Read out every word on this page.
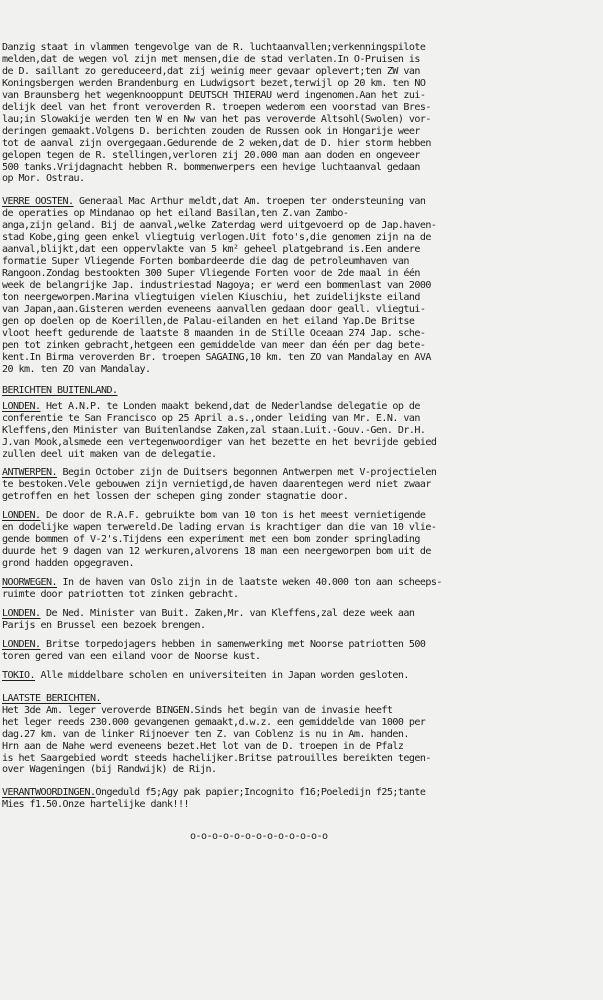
Danzig staat in vlammen tengevolge van de R. luchtaanvallen;verkenningspilote
melden,dat de wegen vol zijn met mensen,die de stad verlaten.In O-Pruisen is
de D. saillant zo gereduceerd,dat zij weinig meer gevaar oplevert;ten ZW van
Koningsbergen werden Brandenburg en Ludwigsort bezet,terwijl op 20 km. ten NO
van Braunsberg het wegenknooppunt DEUTSCH THIERAU werd ingenomen.Aan het zui-
delijk deel van het front veroverden R. troepen wederom een voorstad van Bres-
lau;in Slowakije werden ten W en Nw van het pas veroverde Altsohl(Swolen) vor-
deringen gemaakt.Volgens D. berichten zouden de Russen ook in Hongarije weer
tot de aanval zijn overgegaan.Gedurende de 2 weken,dat de D. hier storm hebben
gelopen tegen de R. stellingen,verloren zij 20.000 man aan doden en ongeveer
500 tanks.Vrijdagnacht hebben R. bommenwerpers een hevige luchtaanval gedaan
op Mor. Ostrau.
VERRE OOSTEN. Generaal Mac Arthur meldt,dat Am. troepen ter ondersteuning van
de operaties op Mindanao op het eiland Basilan,ten Z.van Zambo-
anga,zijn geland. Bij de aanval,welke Zaterdag werd uitgevoerd op de Jap.haven-
stad Kobe,ging geen enkel vliegtuig verlogen.Uit foto's,die genomen zijn na de
aanval,blijkt,dat een oppervlakte van 5 km² geheel platgebrand is.Een andere
formatie Super Vliegende Forten bombardeerde die dag de petroleumhaven van
Rangoon.Zondag bestookten 300 Super Vliegende Forten voor de 2de maal in één
week de belangrijke Jap. industriestad Nagoya; er werd een bommenlast van 2000
ton neergeworpen.Marina vliegtuigen vielen Kiuschiu, het zuidelijkste eiland
van Japan,aan.Gisteren werden eveneens aanvallen gedaan door geall. vliegtui-
gen op doelen op de Koerillen,de Palau-eilanden en het eiland Yap.De Britse
vloot heeft gedurende de laatste 8 maanden in de Stille Oceaan 274 Jap. sche-
pen tot zinken gebracht,hetgeen een gemiddelde van meer dan één per dag bete-
kent.In Birma veroverden Br. troepen SAGAING,10 km. ten ZO van Mandalay en AVA
20 km. ten ZO van Mandalay.
BERICHTEN BUITENLAND.
LONDEN. Het A.N.P. te Londen maakt bekend,dat de Nederlandse delegatie op de
conferentie te San Francisco op 25 April a.s.,onder leiding van Mr. E.N. van
Kleffens,den Minister van Buitenlandse Zaken,zal staan.Luit.-Gouv.-Gen. Dr.H.
J.van Mook,alsmede een vertegenwoordiger van het bezette en het bevrijde gebied
zullen deel uit maken van de delegatie.
ANTWERPEN. Begin October zijn de Duitsers begonnen Antwerpen met V-projectielen
te bestoken.Vele gebouwen zijn vernietigd,de haven daarentegen werd niet zwaar
getroffen en het lossen der schepen ging zonder stagnatie door.
LONDEN. De door de R.A.F. gebruikte bom van 10 ton is het meest vernietigende
en dodelijke wapen terwereld.De lading ervan is krachtiger dan die van 10 vlie-
gende bommen of V-2's.Tijdens een experiment met een bom zonder springlading
duurde het 9 dagen van 12 werkuren,alvorens 18 man een neergeworpen bom uit de
grond hadden opgegraven.
NOORWEGEN. In de haven van Oslo zijn in de laatste weken 40.000 ton aan scheeps-
ruimte door patriotten tot zinken gebracht.
LONDEN. De Ned. Minister van Buit. Zaken,Mr. van Kleffens,zal deze week aan
Parijs en Brussel een bezoek brengen.
LONDEN. Britse torpedojagers hebben in samenwerking met Noorse patriotten 500
toren gered van een eiland voor de Noorse kust.
TOKIO. Alle middelbare scholen en universiteiten in Japan worden gesloten.
LAATSTE BERICHTEN.
Het 3de Am. leger veroverde BINGEN.Sinds het begin van de invasie heeft
het leger reeds 230.000 gevangenen gemaakt,d.w.z. een gemiddelde van 1000 per
dag.27 km. van de linker Rijnoever ten Z. van Coblenz is nu in Am. handen.
Hrn aan de Nahe werd eveneens bezet.Het lot van de D. troepen in de Pfalz
is het Saargebied wordt steeds hachelijker.Britse patrouilles bereikten tegen-
over Wageningen (bij Randwijk) de Rijn.
VERANTWOORDINGEN.Ongeduld f5;Agy pak papier;Incognito f16;Poeledijn f25;tante
Mies f1.50.Onze hartelijke dank!!!
o-o-o-o-o-o-o-o-o-o-o-o-o
